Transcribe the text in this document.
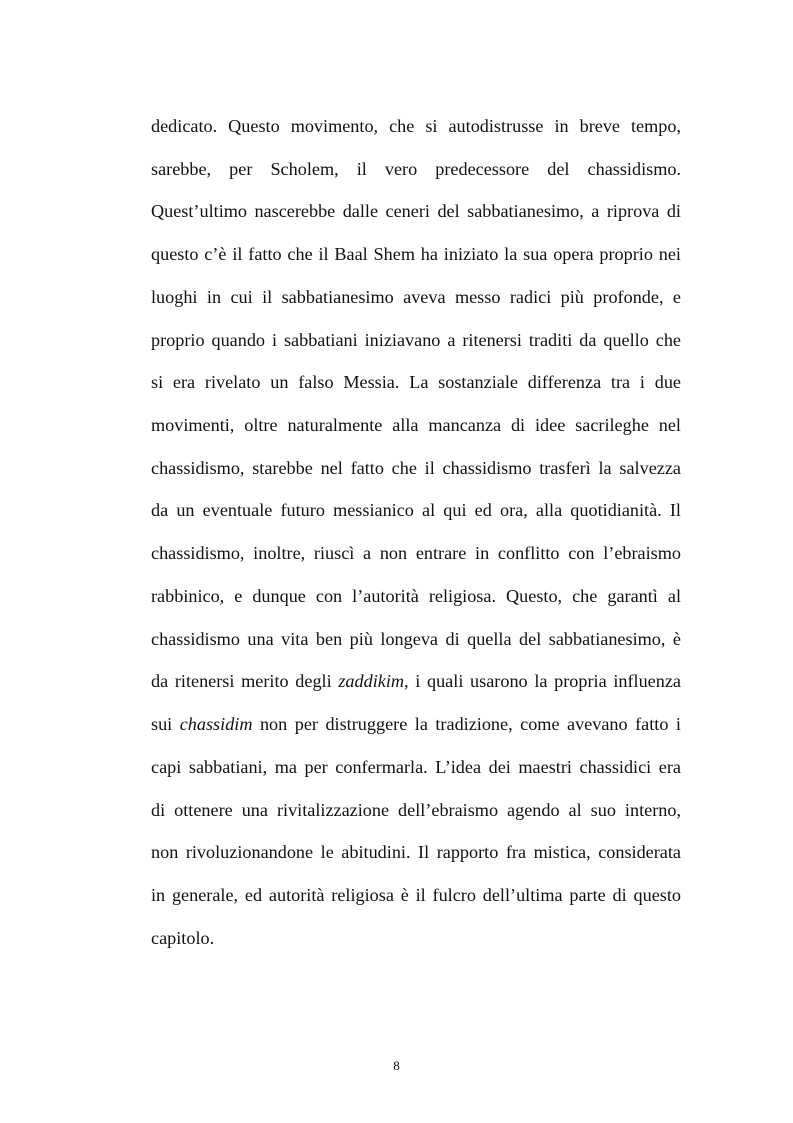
dedicato. Questo movimento, che si autodistrusse in breve tempo,
sarebbe, per Scholem, il vero predecessore del chassidismo.
Quest’ultimo nascerebbe dalle ceneri del sabbatianesimo, a riprova di
questo c’è il fatto che il Baal Shem ha iniziato la sua opera proprio nei
luoghi in cui il sabbatianesimo aveva messo radici più profonde, e
proprio quando i sabbatiani iniziavano a ritenersi traditi da quello che
si era rivelato un falso Messia. La sostanziale differenza tra i due
movimenti, oltre naturalmente alla mancanza di idee sacrileghe nel
chassidismo, starebbe nel fatto che il chassidismo trasferì la salvezza
da un eventuale futuro messianico al qui ed ora, alla quotidianità. Il
chassidismo, inoltre, riuscì a non entrare in conflitto con l’ebraismo
rabbinico, e dunque con l’autorità religiosa. Questo, che garantì al
chassidismo una vita ben più longeva di quella del sabbatianesimo, è
da ritenersi merito degli zaddikim, i quali usarono la propria influenza
sui chassidim non per distruggere la tradizione, come avevano fatto i
capi sabbatiani, ma per confermarla. L’idea dei maestri chassidici era
di ottenere una rivitalizzazione dell’ebraismo agendo al suo interno,
non rivoluzionandone le abitudini. Il rapporto fra mistica, considerata
in generale, ed autorità religiosa è il fulcro dell’ultima parte di questo
capitolo.
8
